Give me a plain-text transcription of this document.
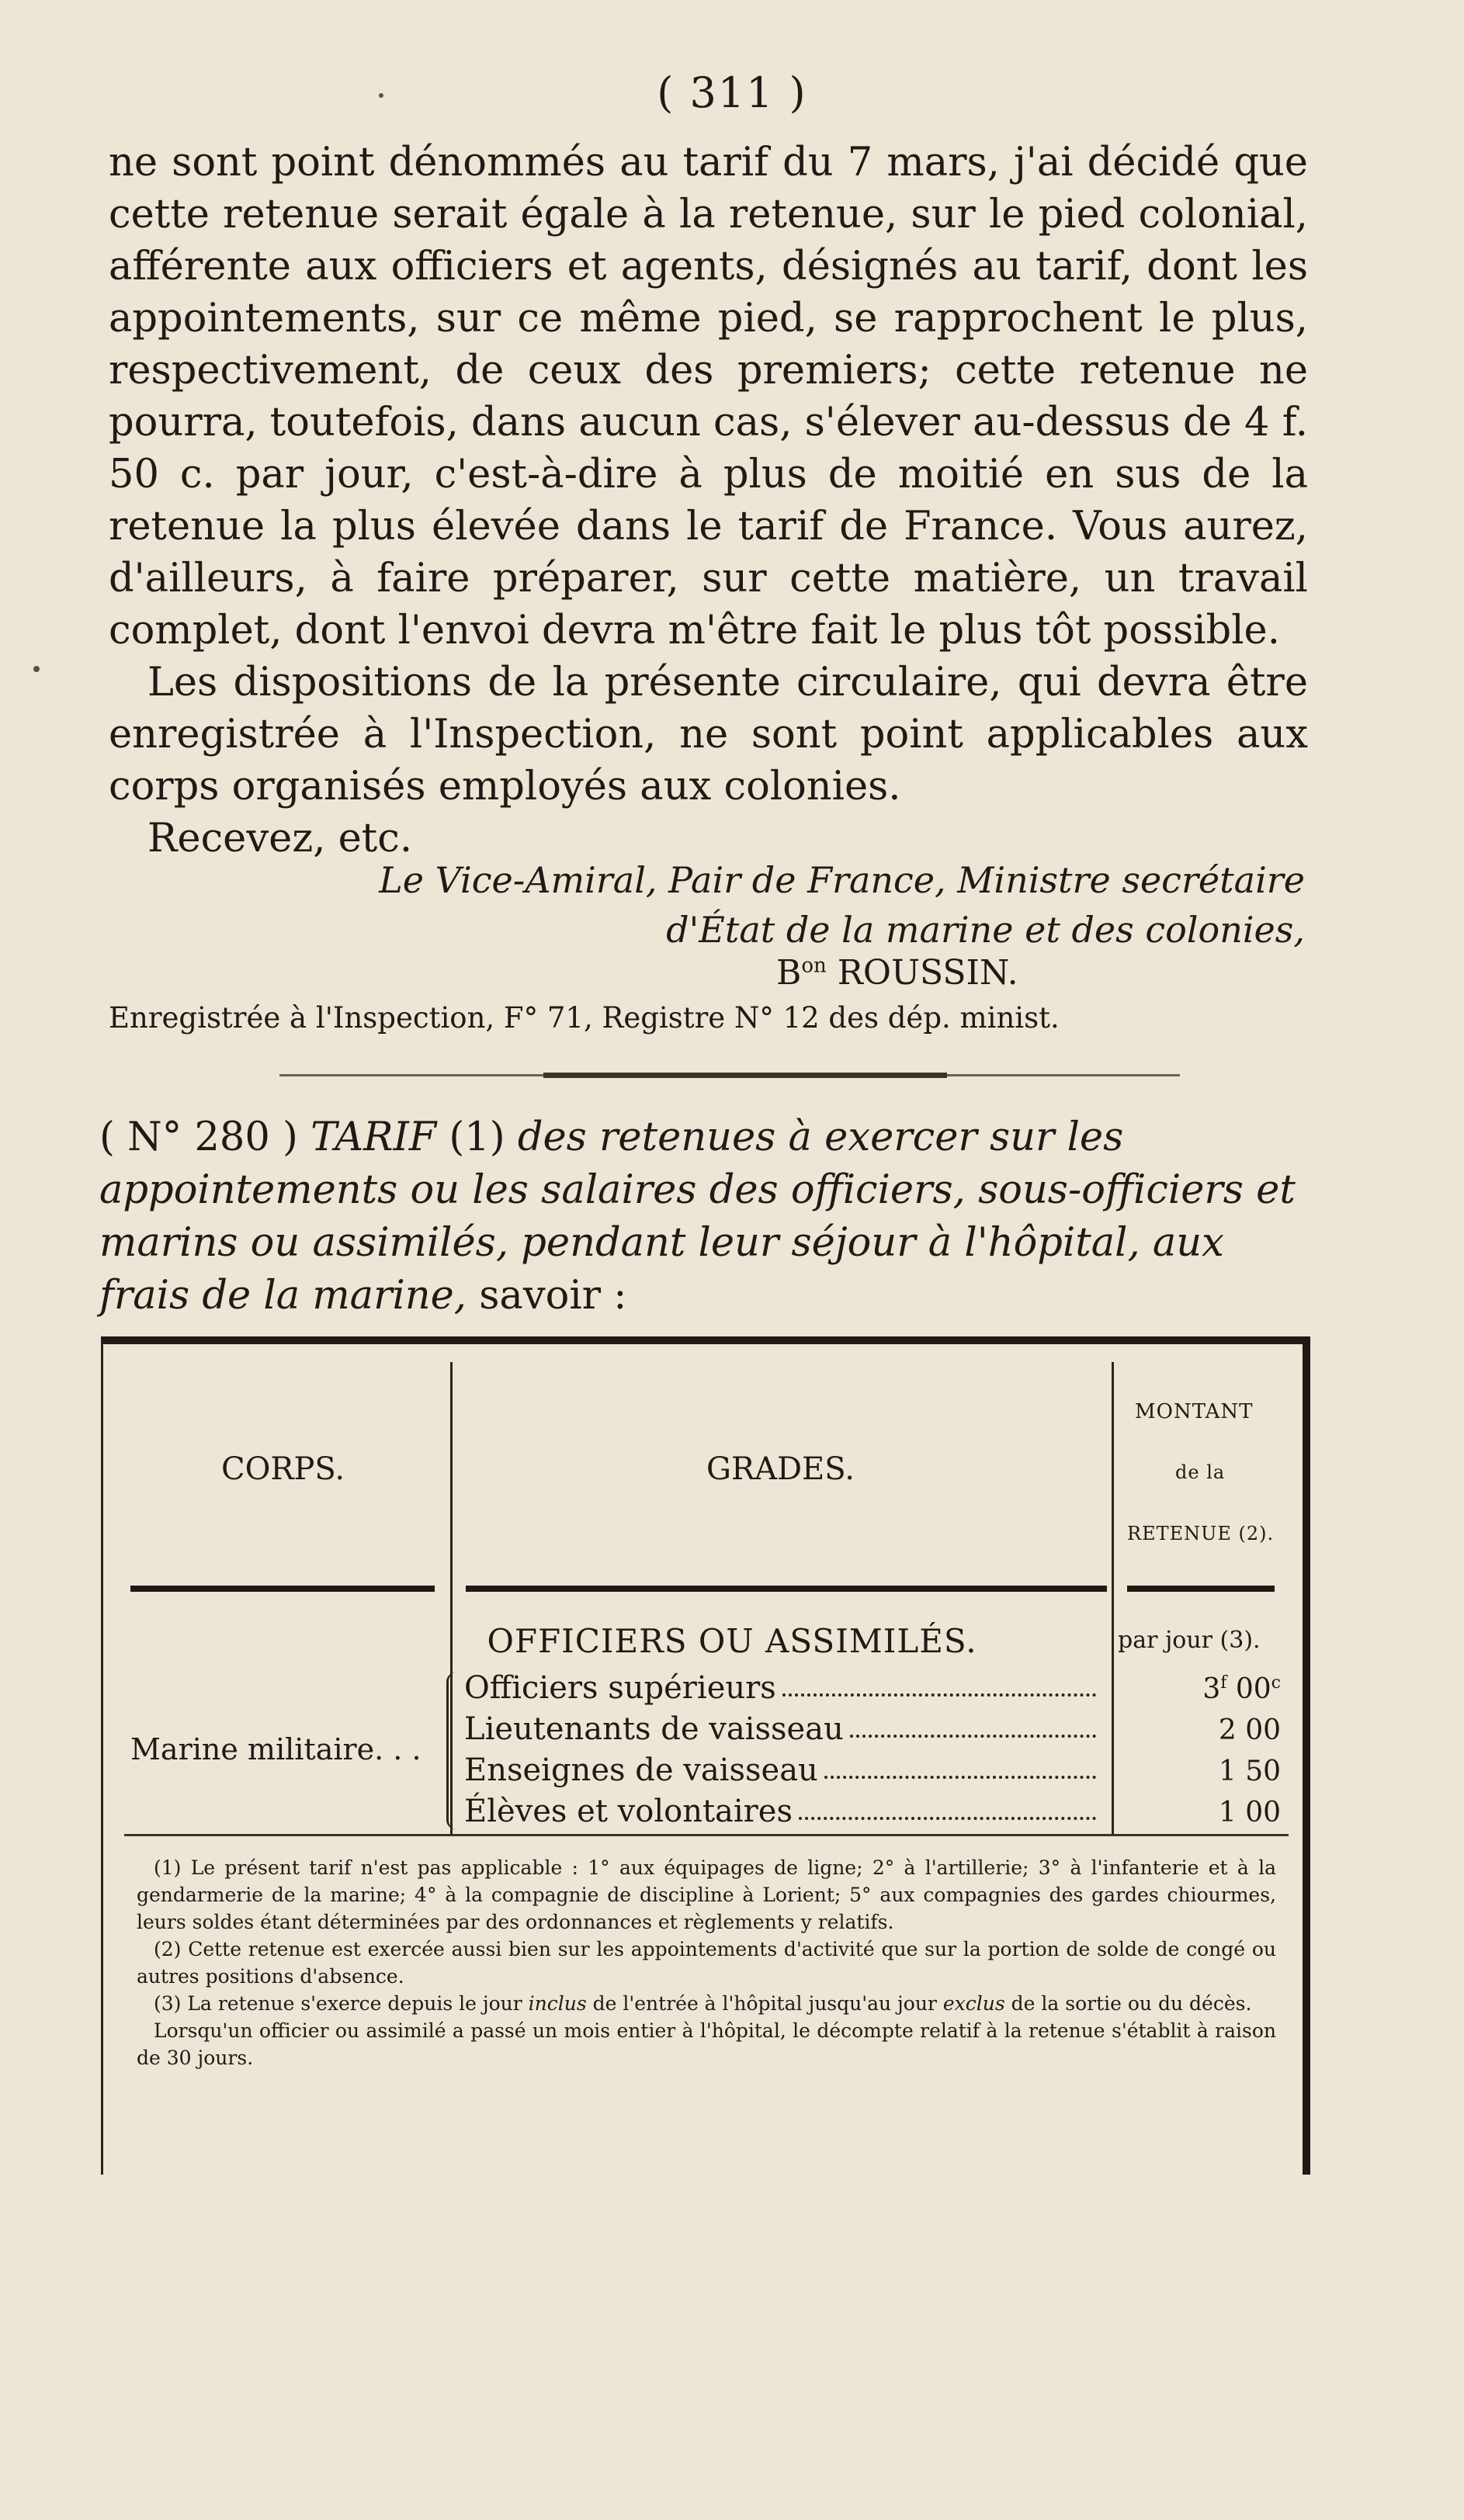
( 311 )

ne sont point dénommés au tarif du 7 mars, j'ai décidé que cette retenue serait égale à la retenue, sur le pied colonial, afférente aux officiers et agents, désignés au tarif, dont les appointements, sur ce même pied, se rapprochent le plus, respectivement, de ceux des premiers; cette retenue ne pourra, toutefois, dans aucun cas, s'élever au-dessus de 4 f. 50 c. par jour, c'est-à-dire à plus de moitié en sus de la retenue la plus élevée dans le tarif de France. Vous aurez, d'ailleurs, à faire préparer, sur cette matière, un travail complet, dont l'envoi devra m'être fait le plus tôt possible.

Les dispositions de la présente circulaire, qui devra être enregistrée à l'Inspection, ne sont point applicables aux corps organisés employés aux colonies.

Recevez, etc.

Le Vice-Amiral, Pair de France, Ministre secrétaire
d'État de la marine et des colonies,
$B^{on}$ ROUSSIN.
Enregistrée à l'Inspection, F° 71, Registre N° 12 des dép. minist.
( N° 280 ) TARIF (1) des retenues à exercer sur les appointements ou les salaires des officiers, sous-officiers et marins ou assimilés, pendant leur séjour à l'hôpital, aux frais de la marine, savoir :
CORPS.	GRADES.
MONTANT
de la
RETENUE (2).
OFFICIERS OU ASSIMILÉS.	par jour (3).
Marine militaire. . .
Officiers supérieurs
Lieutenants de vaisseau
Enseignes de vaisseau
Élèves et volontaires
3$^f$ 00$^c$
2 00
1 50
1 00

(1) Le présent tarif n'est pas applicable : 1° aux équipages de ligne; 2° à l'artillerie; 3° à l'infanterie et à la gendarmerie de la marine; 4° à la compagnie de discipline à Lorient; 5° aux compagnies des gardes chiourmes, leurs soldes étant déterminées par des ordonnances et règlements y relatifs.

(2) Cette retenue est exercée aussi bien sur les appointements d'activité que sur la portion de solde de congé ou autres positions d'absence.

(3) La retenue s'exerce depuis le jour inclus de l'entrée à l'hôpital jusqu'au jour exclus de la sortie ou du décès.

Lorsqu'un officier ou assimilé a passé un mois entier à l'hôpital, le décompte relatif à la retenue s'établit à raison de 30 jours.
